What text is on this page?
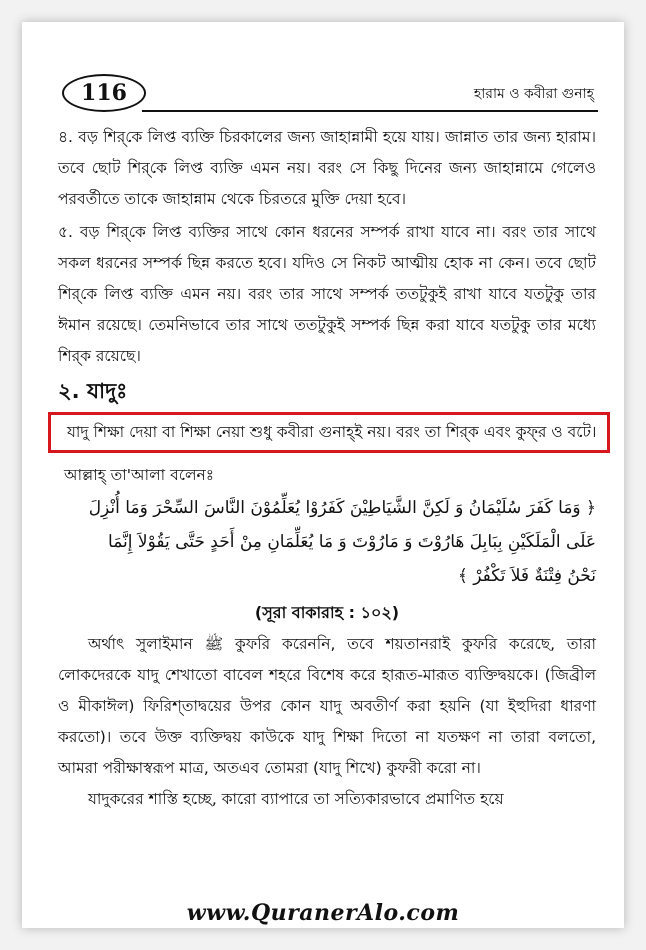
116	হারাম ও কবীরা গুনাহ্

৪. বড় শির্‌কে লিপ্ত ব্যক্তি চিরকালের জন্য জাহান্নামী হয়ে যায়। জান্নাত তার জন্য হারাম। তবে ছোট শির্‌কে লিপ্ত ব্যক্তি এমন নয়। বরং সে কিছু দিনের জন্য জাহান্নামে গেলেও পরবর্তীতে তাকে জাহান্নাম থেকে চিরতরে মুক্তি দেয়া হবে।

৫. বড় শির্‌কে লিপ্ত ব্যক্তির সাথে কোন ধরনের সম্পর্ক রাখা যাবে না। বরং তার সাথে সকল ধরনের সম্পর্ক ছিন্ন করতে হবে। যদিও সে নিকট আত্মীয় হোক না কেন। তবে ছোট শির্‌কে লিপ্ত ব্যক্তি এমন নয়। বরং তার সাথে সম্পর্ক ততটুকুই রাখা যাবে যতটুকু তার ঈমান রয়েছে। তেমনিভাবে তার সাথে ততটুকুই সম্পর্ক ছিন্ন করা যাবে যতটুকু তার মধ্যে শির্‌ক রয়েছে।

২. যাদুঃ
যাদু শিক্ষা দেয়া বা শিক্ষা নেয়া শুধু কবীরা গুনাহ্‌ই নয়। বরং তা শির্‌ক এবং কুফ্‌র ও বটে।

আল্লাহ্‌ তা'আলা বলেনঃ

﴿ وَمَا كَفَرَ سُلَيْمَانُ وَ لَكِنَّ الشَّيَاطِيْنَ كَفَرُوْا يُعَلِّمُوْنَ النَّاسَ السِّحْرَ وَمَا أُنْزِلَ
عَلَى الْمَلَكَيْنِ بِبَابِلَ هَارُوْتَ وَ مَارُوْتَ وَ مَا يُعَلِّمَانِ مِنْ أَحَدٍ حَتَّى يَقُوْلاَ إِنَّمَا
نَحْنُ فِتْنَةٌ فَلاَ تَكْفُرْ ﴾

(সূরা বাকারাহ : ১০২)

অর্থাৎ সুলাইমান ﷺ কুফরি করেননি, তবে শয়তানরাই কুফরি করেছে, তারা লোকদেরকে যাদু শেখাতো বাবেল শহরে বিশেষ করে হারূত-মারূত ব্যক্তিদ্বয়কে। (জিব্রীল ও মীকাঈল) ফিরিশ্‌তাদ্বয়ের উপর কোন যাদু অবতীর্ণ করা হয়নি (যা ইহুদিরা ধারণা করতো)। তবে উক্ত ব্যক্তিদ্বয় কাউকে যাদু শিক্ষা দিতো না যতক্ষণ না তারা বলতো, আমরা পরীক্ষাস্বরূপ মাত্র, অতএব তোমরা (যাদু শিখে) কুফরী করো না।

যাদুকরের শাস্তি হচ্ছে, কারো ব্যাপারে তা সত্যিকারভাবে প্রমাণিত হয়ে

www.QuranerAlo.com
